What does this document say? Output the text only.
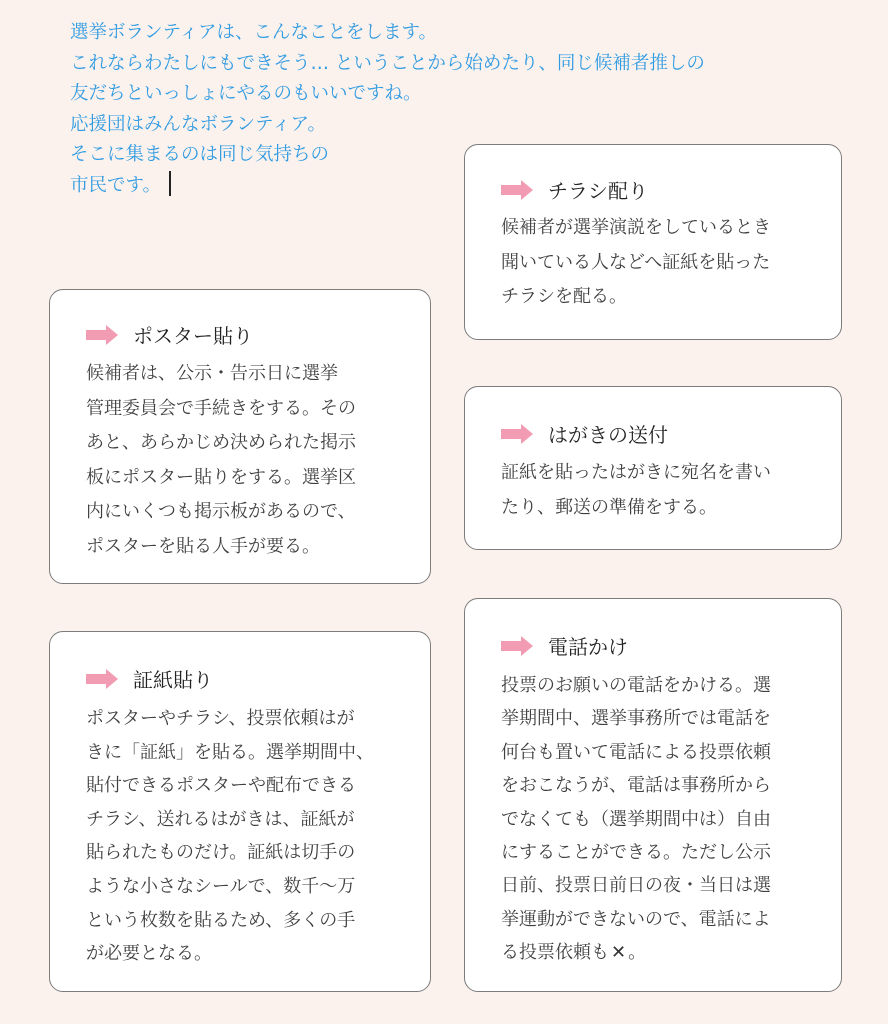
選挙ボランティアは、こんなことをします。
これならわたしにもできそう… ということから始めたり、同じ候補者推しの
友だちといっしょにやるのもいいですね。
応援団はみんなボランティア。
そこに集まるのは同じ気持ちの
市民です。	チラシ配り
候補者が選挙演説をしているとき
聞いている人などへ証紙を貼った
チラシを配る。
ポスター貼り
候補者は、公示・告示日に選挙
管理委員会で手続きをする。その
あと、あらかじめ決められた掲示
板にポスター貼りをする。選挙区
内にいくつも掲示板があるので、
ポスターを貼る人手が要る。
はがきの送付
証紙を貼ったはがきに宛名を書い
たり、郵送の準備をする。
証紙貼り
ポスターやチラシ、投票依頼はが
きに「証紙」を貼る。選挙期間中、
貼付できるポスターや配布できる
チラシ、送れるはがきは、証紙が
貼られたものだけ。証紙は切手の
ような小さなシールで、数千〜万
という枚数を貼るため、多くの手
が必要となる。
電話かけ
投票のお願いの電話をかける。選
挙期間中、選挙事務所では電話を
何台も置いて電話による投票依頼
をおこなうが、電話は事務所から
でなくても（選挙期間中は）自由
にすることができる。ただし公示
日前、投票日前日の夜・当日は選
挙運動ができないので、電話によ
る投票依頼も ✕ 。
